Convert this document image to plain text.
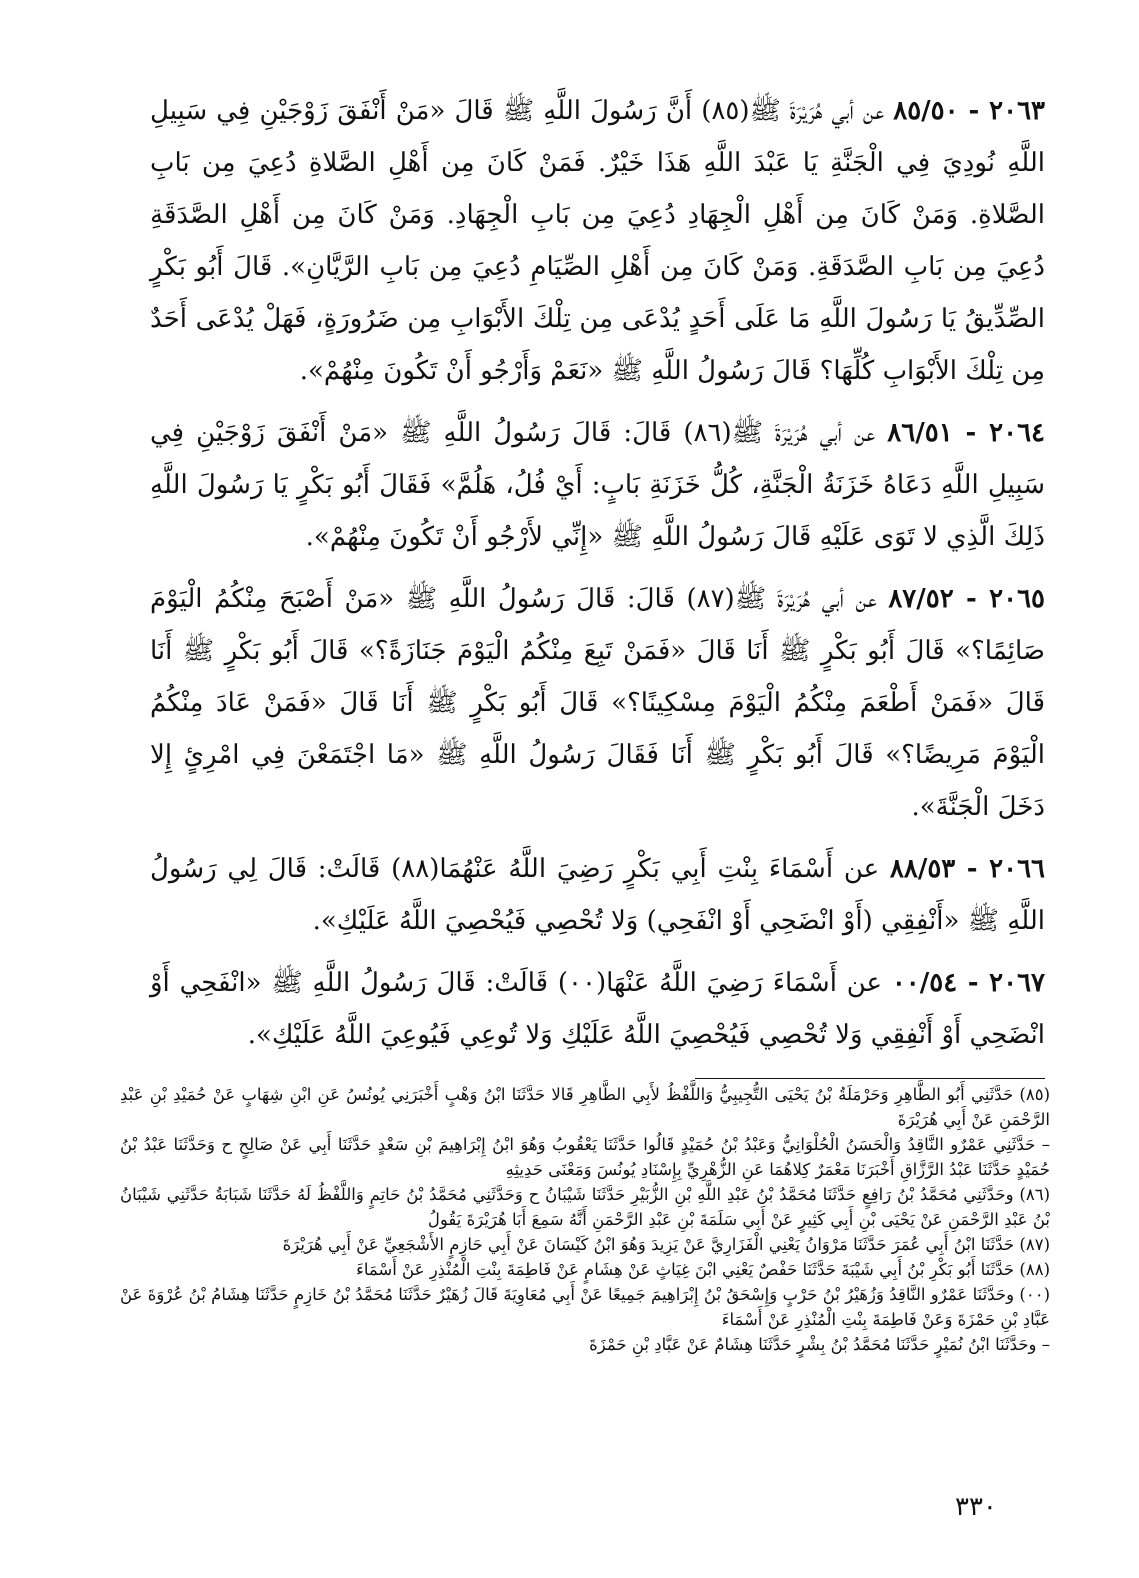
٢٠٦٣ - ٨٥/٥٠ عن أبي هُرَيْرَةَ ﷺ(٨٥) أَنَّ رَسُولَ اللَّهِ ﷺ قَالَ «مَنْ أَنْفَقَ زَوْجَيْنِ فِي سَبِيلِ اللَّهِ نُودِيَ فِي الْجَنَّةِ يَا عَبْدَ اللَّهِ هَذَا خَيْرٌ. فَمَنْ كَانَ مِن أَهْلِ الصَّلاةِ دُعِيَ مِن بَابِ الصَّلاةِ. وَمَنْ كَانَ مِن أَهْلِ الْجِهَادِ دُعِيَ مِن بَابِ الْجِهَادِ. وَمَنْ كَانَ مِن أَهْلِ الصَّدَقَةِ دُعِيَ مِن بَابِ الصَّدَقَةِ. وَمَنْ كَانَ مِن أَهْلِ الصِّيَامِ دُعِيَ مِن بَابِ الرَّيَّانِ». قَالَ أَبُو بَكْرٍ الصِّدِّيقُ يَا رَسُولَ اللَّهِ مَا عَلَى أَحَدٍ يُدْعَى مِن تِلْكَ الأَبْوَابِ مِن ضَرُورَةٍ، فَهَلْ يُدْعَى أَحَدٌ مِن تِلْكَ الأَبْوَابِ كُلِّهَا؟ قَالَ رَسُولُ اللَّهِ ﷺ «نَعَمْ وَأَرْجُو أَنْ تَكُونَ مِنْهُمْ».

٢٠٦٤ - ٨٦/٥١ عن أبي هُرَيْرَةَ ﷺ(٨٦) قَالَ: قَالَ رَسُولُ اللَّهِ ﷺ «مَنْ أَنْفَقَ زَوْجَيْنِ فِي سَبِيلِ اللَّهِ دَعَاهُ خَزَنَةُ الْجَنَّةِ، كُلُّ خَزَنَةِ بَابٍ: أَيْ فُلُ، هَلُمَّ» فَقَالَ أَبُو بَكْرٍ يَا رَسُولَ اللَّهِ ذَلِكَ الَّذِي لا تَوَى عَلَيْهِ قَالَ رَسُولُ اللَّهِ ﷺ «إِنِّي لأَرْجُو أَنْ تَكُونَ مِنْهُمْ».

٢٠٦٥ - ٨٧/٥٢ عن أبي هُرَيْرَةَ ﷺ(٨٧) قَالَ: قَالَ رَسُولُ اللَّهِ ﷺ «مَنْ أَصْبَحَ مِنْكُمُ الْيَوْمَ صَائِمًا؟» قَالَ أَبُو بَكْرٍ ﷺ أَنَا قَالَ «فَمَنْ تَبِعَ مِنْكُمُ الْيَوْمَ جَنَازَةً؟» قَالَ أَبُو بَكْرٍ ﷺ أَنَا قَالَ «فَمَنْ أَطْعَمَ مِنْكُمُ الْيَوْمَ مِسْكِينًا؟» قَالَ أَبُو بَكْرٍ ﷺ أَنَا قَالَ «فَمَنْ عَادَ مِنْكُمُ الْيَوْمَ مَرِيضًا؟» قَالَ أَبُو بَكْرٍ ﷺ أَنَا فَقَالَ رَسُولُ اللَّهِ ﷺ «مَا اجْتَمَعْنَ فِي امْرِئٍ إِلا دَخَلَ الْجَنَّةَ».

٢٠٦٦ - ٨٨/٥٣ عن أَسْمَاءَ بِنْتِ أَبِي بَكْرٍ رَضِيَ اللَّهُ عَنْهُمَا(٨٨) قَالَتْ: قَالَ لِي رَسُولُ اللَّهِ ﷺ «أَنْفِقِي (أَوْ انْضَحِي أَوْ انْفَحِي) وَلا تُحْصِي فَيُحْصِيَ اللَّهُ عَلَيْكِ».

٢٠٦٧ - ٠٠/٥٤ عن أَسْمَاءَ رَضِيَ اللَّهُ عَنْهَا(٠٠) قَالَتْ: قَالَ رَسُولُ اللَّهِ ﷺ «انْفَحِي أَوْ انْضَحِي أَوْ أَنْفِقِي وَلا تُحْصِي فَيُحْصِيَ اللَّهُ عَلَيْكِ وَلا تُوعِي فَيُوعِيَ اللَّهُ عَلَيْكِ».

(٨٥) حَدَّثَنِي أَبُو الطَّاهِرِ وَحَرْمَلَةُ بْنُ يَحْيَى التُّجِيبِيُّ وَاللَّفْظُ لأَبِي الطَّاهِرِ قَالا حَدَّثَنَا ابْنُ وَهْبٍ أَخْبَرَنِي يُونُسُ عَنِ ابْنِ شِهَابٍ عَنْ حُمَيْدِ بْنِ عَبْدِ الرَّحْمَنِ عَنْ أَبِي هُرَيْرَةَ

– حَدَّثَنِي عَمْرٌو النَّاقِدُ وَالْحَسَنُ الْحُلْوَانِيُّ وَعَبْدُ بْنُ حُمَيْدٍ قَالُوا حَدَّثَنَا يَعْقُوبُ وَهُوَ ابْنُ إِبْرَاهِيمَ بْنِ سَعْدٍ حَدَّثَنَا أَبِي عَنْ صَالِحٍ ح وَحَدَّثَنَا عَبْدُ بْنُ حُمَيْدٍ حَدَّثَنَا عَبْدُ الرَّزَّاقِ أَخْبَرَنَا مَعْمَرٌ كِلاهُمَا عَنِ الزُّهْرِيِّ بِإِسْنَادِ يُونُسَ وَمَعْنَى حَدِيثِهِ

(٨٦) وحَدَّثَنِي مُحَمَّدُ بْنُ رَافِعٍ حَدَّثَنَا مُحَمَّدُ بْنُ عَبْدِ اللَّهِ بْنِ الزُّبَيْرِ حَدَّثَنَا شَيْبَانُ ح وَحَدَّثَنِي مُحَمَّدُ بْنُ حَاتِمٍ وَاللَّفْظُ لَهُ حَدَّثَنَا شَبَابَةُ حَدَّثَنِي شَيْبَانُ بْنُ عَبْدِ الرَّحْمَنِ عَنْ يَحْيَى بْنِ أَبِي كَثِيرٍ عَنْ أَبِي سَلَمَةَ بْنِ عَبْدِ الرَّحْمَنِ أَنَّهُ سَمِعَ أَبَا هُرَيْرَةَ يَقُولُ

(٨٧) حَدَّثَنَا ابْنُ أَبِي عُمَرَ حَدَّثَنَا مَرْوَانُ يَعْنِي الْفَزَارِيَّ عَنْ يَزِيدَ وَهُوَ ابْنُ كَيْسَانَ عَنْ أَبِي حَازِمٍ الأَشْجَعِيِّ عَنْ أَبِي هُرَيْرَةَ

(٨٨) حَدَّثَنَا أَبُو بَكْرِ بْنُ أَبِي شَيْبَةَ حَدَّثَنَا حَفْصٌ يَعْنِي ابْنَ غِيَاثٍ عَنْ هِشَامٍ عَنْ فَاطِمَةَ بِنْتِ الْمُنْذِرِ عَنْ أَسْمَاءَ

(٠٠) وحَدَّثَنَا عَمْرٌو النَّاقِدُ وَزُهَيْرُ بْنُ حَرْبٍ وَإِسْحَقُ بْنُ إِبْرَاهِيمَ جَمِيعًا عَنْ أَبِي مُعَاوِيَةَ قَالَ زُهَيْرٌ حَدَّثَنَا مُحَمَّدُ بْنُ خَازِمٍ حَدَّثَنَا هِشَامُ بْنُ عُرْوَةَ عَنْ عَبَّادِ بْنِ حَمْزَةَ وَعَنْ فَاطِمَةَ بِنْتِ الْمُنْذِرِ عَنْ أَسْمَاءَ

– وحَدَّثَنَا ابْنُ نُمَيْرٍ حَدَّثَنَا مُحَمَّدُ بْنُ بِشْرٍ حَدَّثَنَا هِشَامٌ عَنْ عَبَّادِ بْنِ حَمْزَةَ

٣٣٠
